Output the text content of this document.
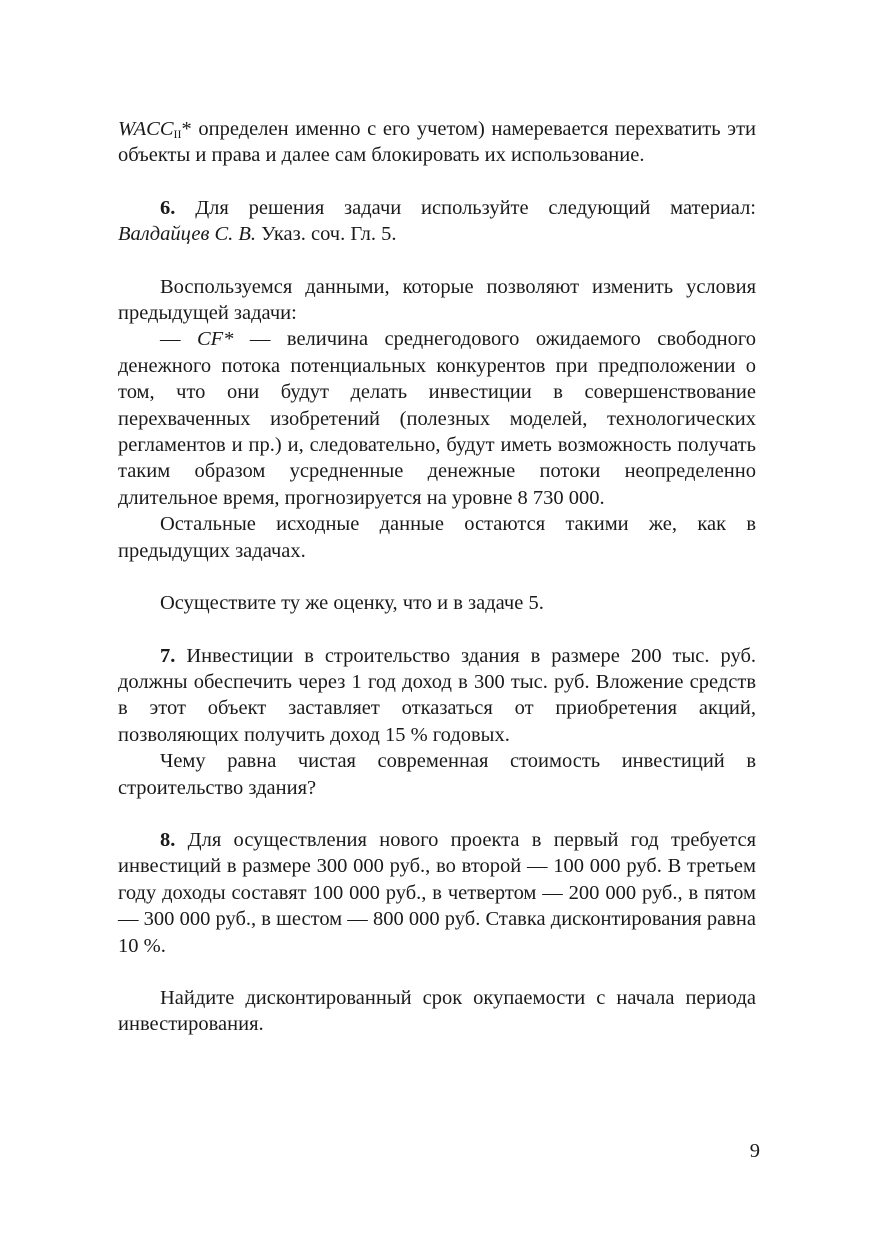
$WACC_{II}*$ определен именно с его учетом) намеревается перехватить эти объекты и права и далее сам блокировать их использование.

6. Для решения задачи используйте следующий материал: Валдайцев С. В. Указ. соч. Гл. 5.

Воспользуемся данными, которые позволяют изменить условия предыдущей задачи:

— CF* — величина среднегодового ожидаемого свободного денежного потока потенциальных конкурентов при предположении о том, что они будут делать инвестиции в совершенствование перехваченных изобретений (полезных моделей, технологических регламентов и пр.) и, следовательно, будут иметь возможность получать таким образом усредненные денежные потоки неопределенно длительное время, прогнозируется на уровне 8 730 000.

Остальные исходные данные остаются такими же, как в предыдущих задачах.

Осуществите ту же оценку, что и в задаче 5.

7. Инвестиции в строительство здания в размере 200 тыс. руб. должны обеспечить через 1 год доход в 300 тыс. руб. Вложение средств в этот объект заставляет отказаться от приобретения акций, позволяющих получить доход 15 % годовых.

Чему равна чистая современная стоимость инвестиций в строительство здания?

8. Для осуществления нового проекта в первый год требуется инвестиций в размере 300 000 руб., во второй — 100 000 руб. В третьем году доходы составят 100 000 руб., в четвертом — 200 000 руб., в пятом — 300 000 руб., в шестом — 800 000 руб. Ставка дисконтирования равна 10 %.

Найдите дисконтированный срок окупаемости с начала периода инвестирования.

9
